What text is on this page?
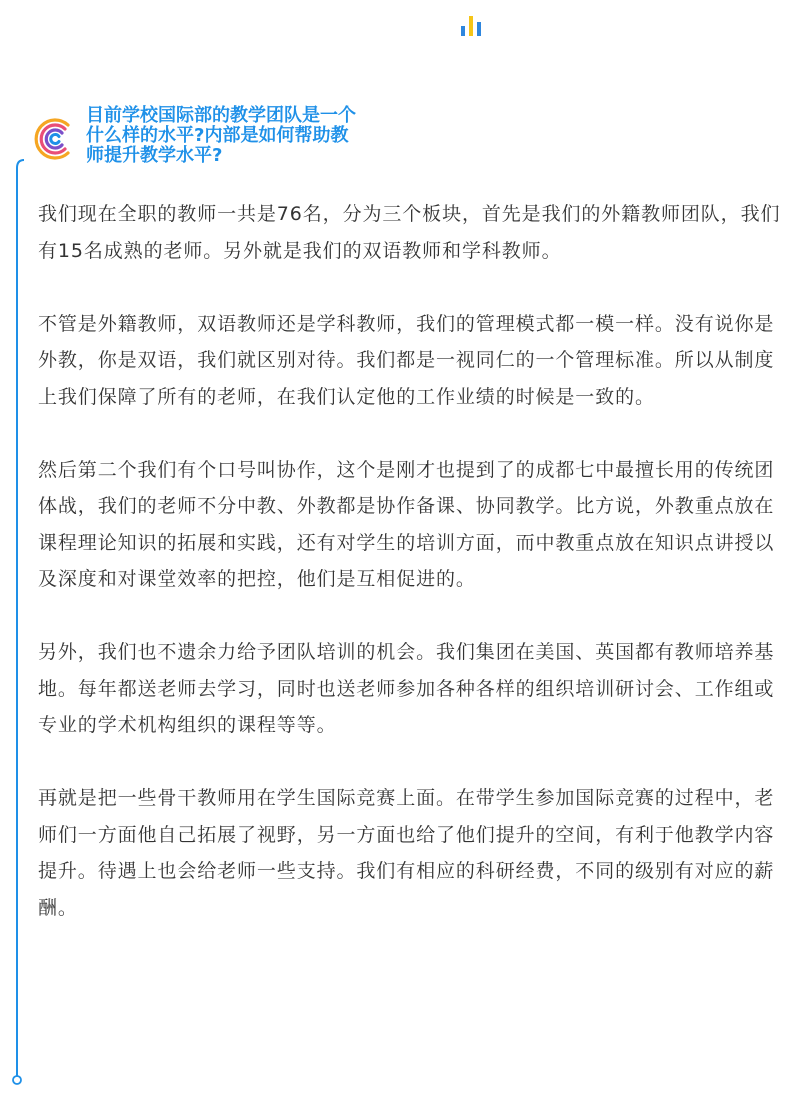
目前学校国际部的教学团队是一个
什么样的水平?内部是如何帮助教
师提升教学水平?

我们现在全职的教师一共是76名，分为三个板块，首先是我们的外籍教师团队，我们有15名成熟的老师。另外就是我们的双语教师和学科教师。

不管是外籍教师，双语教师还是学科教师，我们的管理模式都一模一样。没有说你是外教，你是双语，我们就区别对待。我们都是一视同仁的一个管理标准。所以从制度上我们保障了所有的老师，在我们认定他的工作业绩的时候是一致的。

然后第二个我们有个口号叫协作，这个是刚才也提到了的成都七中最擅长用的传统团体战，我们的老师不分中教、外教都是协作备课、协同教学。比方说，外教重点放在课程理论知识的拓展和实践，还有对学生的培训方面，而中教重点放在知识点讲授以及深度和对课堂效率的把控，他们是互相促进的。

另外，我们也不遗余力给予团队培训的机会。我们集团在美国、英国都有教师培养基地。每年都送老师去学习，同时也送老师参加各种各样的组织培训研讨会、工作组或专业的学术机构组织的课程等等。

再就是把一些骨干教师用在学生国际竞赛上面。在带学生参加国际竞赛的过程中，老师们一方面他自己拓展了视野，另一方面也给了他们提升的空间，有利于他教学内容提升。待遇上也会给老师一些支持。我们有相应的科研经费，不同的级别有对应的薪酬。
